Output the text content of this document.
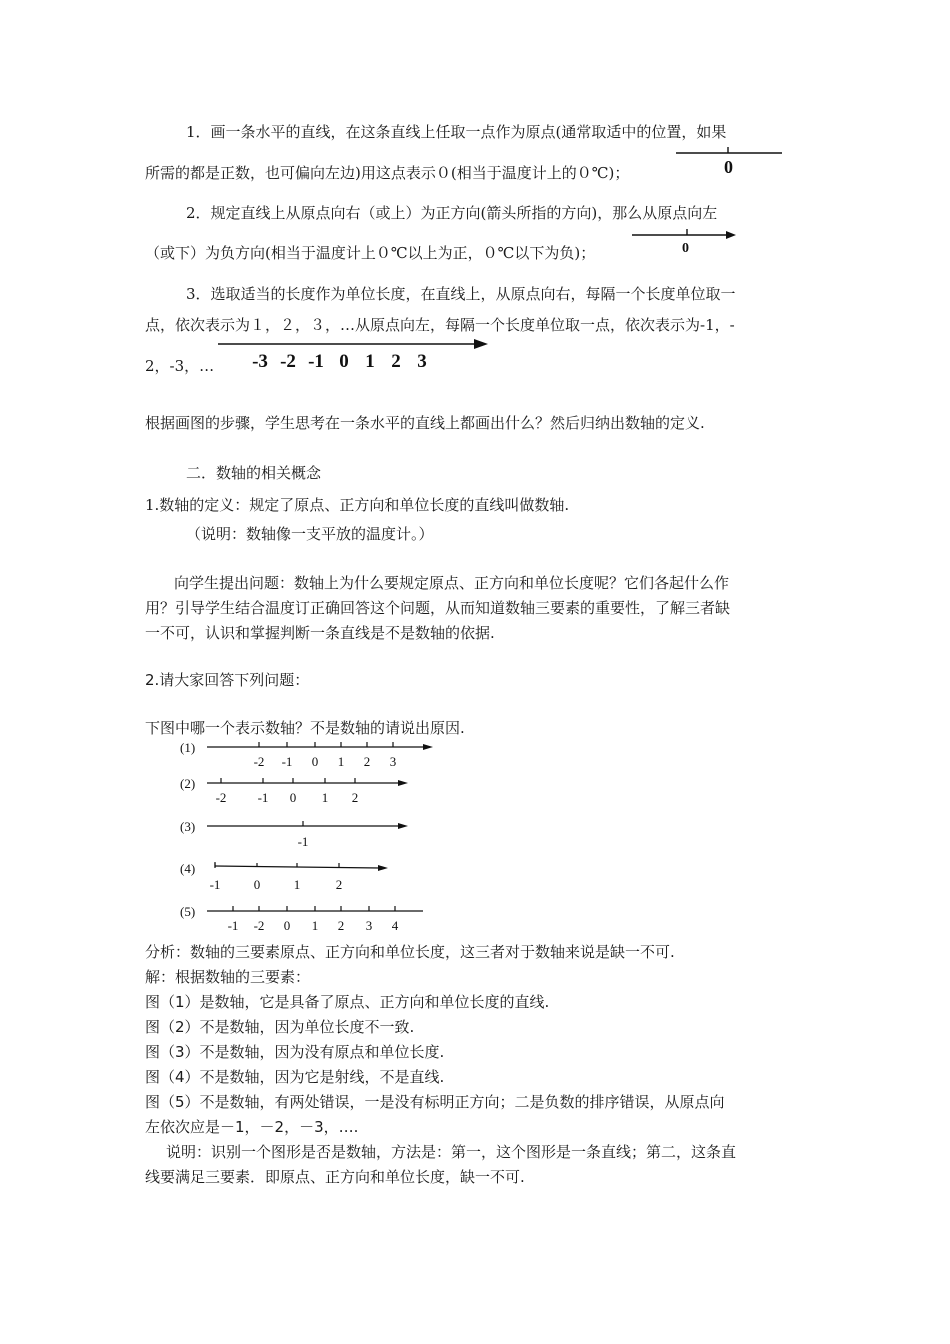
1．画一条水平的直线，在这条直线上任取一点作为原点(通常取适中的位置，如果
所需的都是正数，也可偏向左边)用这点表示０(相当于温度计上的０℃)；	0
2．规定直线上从原点向右（或上）为正方向(箭头所指的方向)，那么从原点向左
（或下）为负方向(相当于温度计上０℃以上为正，０℃以下为负)；	0
3．选取适当的长度作为单位长度，在直线上，从原点向右，每隔一个长度单位取一
点，依次表示为１，２，３，…从原点向左，每隔一个长度单位取一点，依次表示为-1，-
2，-3，… -3 -2 -1 0 1 2 3
根据画图的步骤，学生思考在一条水平的直线上都画出什么？然后归纳出数轴的定义.
二．数轴的相关概念
1.数轴的定义：规定了原点、正方向和单位长度的直线叫做数轴.
（说明：数轴像一支平放的温度计。）
向学生提出问题：数轴上为什么要规定原点、正方向和单位长度呢？它们各起什么作
用？引导学生结合温度订正确回答这个问题，从而知道数轴三要素的重要性，了解三者缺
一不可，认识和掌握判断一条直线是不是数轴的依据.
2.请大家回答下列问题：
下图中哪一个表示数轴？不是数轴的请说出原因.
(1)
-2 -1 0 1 2 3
(2)
-2 -1 0 1 2
(3)
-1
(4)
-1	0	1	2
(5)
-1 -2 0 1 2 3 4
分析：数轴的三要素原点、正方向和单位长度，这三者对于数轴来说是缺一不可.
解：根据数轴的三要素：
图（1）是数轴，它是具备了原点、正方向和单位长度的直线.
图（2）不是数轴，因为单位长度不一致.
图（3）不是数轴，因为没有原点和单位长度.
图（4）不是数轴，因为它是射线，不是直线.
图（5）不是数轴，有两处错误，一是没有标明正方向；二是负数的排序错误，从原点向
左依次应是－1，－2，－3，….
说明：识别一个图形是否是数轴，方法是：第一，这个图形是一条直线；第二，这条直
线要满足三要素．即原点、正方向和单位长度，缺一不可.
